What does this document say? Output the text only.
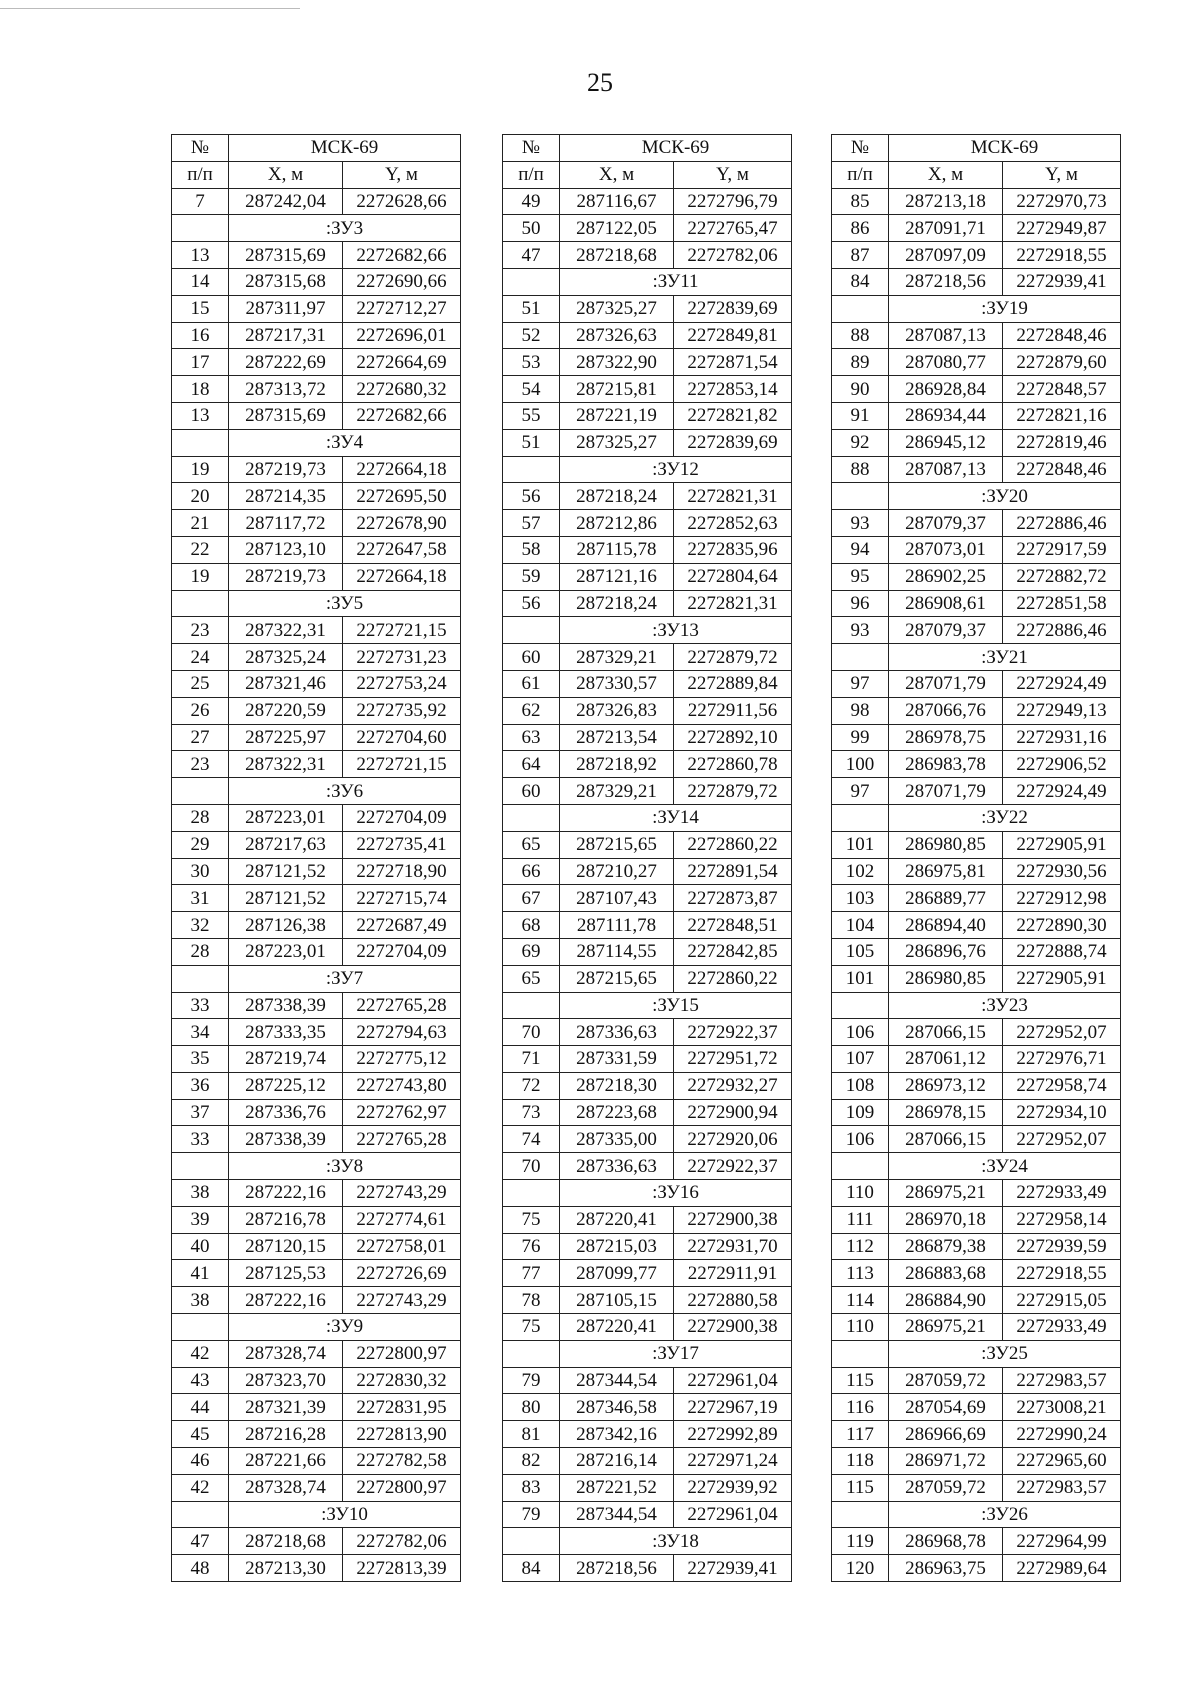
25
№	МСК-69	
п/п	X, м	Y, м
7	287242,04	2272628,66
	:ЗУ3	
13	287315,69	2272682,66
14	287315,68	2272690,66
15	287311,97	2272712,27
16	287217,31	2272696,01
17	287222,69	2272664,69
18	287313,72	2272680,32
13	287315,69	2272682,66
	:ЗУ4	
19	287219,73	2272664,18
20	287214,35	2272695,50
21	287117,72	2272678,90
22	287123,10	2272647,58
19	287219,73	2272664,18
	:ЗУ5	
23	287322,31	2272721,15
24	287325,24	2272731,23
25	287321,46	2272753,24
26	287220,59	2272735,92
27	287225,97	2272704,60
23	287322,31	2272721,15
	:ЗУ6	
28	287223,01	2272704,09
29	287217,63	2272735,41
30	287121,52	2272718,90
31	287121,52	2272715,74
32	287126,38	2272687,49
28	287223,01	2272704,09
	:ЗУ7	
33	287338,39	2272765,28
34	287333,35	2272794,63
35	287219,74	2272775,12
36	287225,12	2272743,80
37	287336,76	2272762,97
33	287338,39	2272765,28
	:ЗУ8	
38	287222,16	2272743,29
39	287216,78	2272774,61
40	287120,15	2272758,01
41	287125,53	2272726,69
38	287222,16	2272743,29
	:ЗУ9	
42	287328,74	2272800,97
43	287323,70	2272830,32
44	287321,39	2272831,95
45	287216,28	2272813,90
46	287221,66	2272782,58
42	287328,74	2272800,97
	:ЗУ10	
47	287218,68	2272782,06
48	287213,30	2272813,39
№	МСК-69	
п/п	X, м	Y, м
49	287116,67	2272796,79
50	287122,05	2272765,47
47	287218,68	2272782,06
	:ЗУ11	
51	287325,27	2272839,69
52	287326,63	2272849,81
53	287322,90	2272871,54
54	287215,81	2272853,14
55	287221,19	2272821,82
51	287325,27	2272839,69
	:ЗУ12	
56	287218,24	2272821,31
57	287212,86	2272852,63
58	287115,78	2272835,96
59	287121,16	2272804,64
56	287218,24	2272821,31
	:ЗУ13	
60	287329,21	2272879,72
61	287330,57	2272889,84
62	287326,83	2272911,56
63	287213,54	2272892,10
64	287218,92	2272860,78
60	287329,21	2272879,72
	:ЗУ14	
65	287215,65	2272860,22
66	287210,27	2272891,54
67	287107,43	2272873,87
68	287111,78	2272848,51
69	287114,55	2272842,85
65	287215,65	2272860,22
	:ЗУ15	
70	287336,63	2272922,37
71	287331,59	2272951,72
72	287218,30	2272932,27
73	287223,68	2272900,94
74	287335,00	2272920,06
70	287336,63	2272922,37
	:ЗУ16	
75	287220,41	2272900,38
76	287215,03	2272931,70
77	287099,77	2272911,91
78	287105,15	2272880,58
75	287220,41	2272900,38
	:ЗУ17	
79	287344,54	2272961,04
80	287346,58	2272967,19
81	287342,16	2272992,89
82	287216,14	2272971,24
83	287221,52	2272939,92
79	287344,54	2272961,04
	:ЗУ18	
84	287218,56	2272939,41
№	МСК-69	
п/п	X, м	Y, м
85	287213,18	2272970,73
86	287091,71	2272949,87
87	287097,09	2272918,55
84	287218,56	2272939,41
	:ЗУ19	
88	287087,13	2272848,46
89	287080,77	2272879,60
90	286928,84	2272848,57
91	286934,44	2272821,16
92	286945,12	2272819,46
88	287087,13	2272848,46
	:ЗУ20	
93	287079,37	2272886,46
94	287073,01	2272917,59
95	286902,25	2272882,72
96	286908,61	2272851,58
93	287079,37	2272886,46
	:ЗУ21	
97	287071,79	2272924,49
98	287066,76	2272949,13
99	286978,75	2272931,16
100	286983,78	2272906,52
97	287071,79	2272924,49
	:ЗУ22	
101	286980,85	2272905,91
102	286975,81	2272930,56
103	286889,77	2272912,98
104	286894,40	2272890,30
105	286896,76	2272888,74
101	286980,85	2272905,91
	:ЗУ23	
106	287066,15	2272952,07
107	287061,12	2272976,71
108	286973,12	2272958,74
109	286978,15	2272934,10
106	287066,15	2272952,07
	:ЗУ24	
110	286975,21	2272933,49
111	286970,18	2272958,14
112	286879,38	2272939,59
113	286883,68	2272918,55
114	286884,90	2272915,05
110	286975,21	2272933,49
	:ЗУ25	
115	287059,72	2272983,57
116	287054,69	2273008,21
117	286966,69	2272990,24
118	286971,72	2272965,60
115	287059,72	2272983,57
	:ЗУ26	
119	286968,78	2272964,99
120	286963,75	2272989,64
